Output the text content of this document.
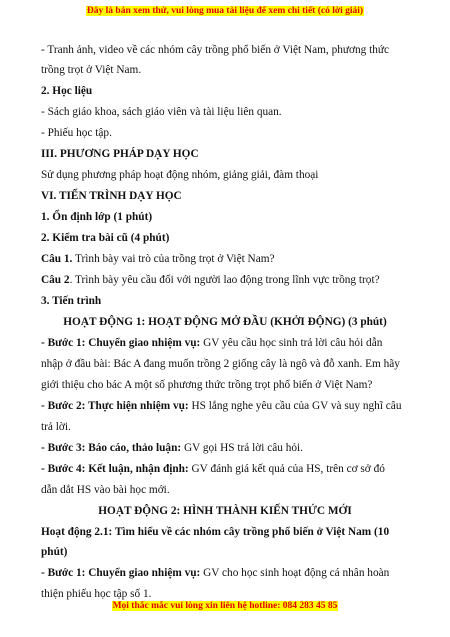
Đây là bản xem thử, vui lòng mua tài liệu để xem chi tiết (có lời giải)
- Tranh ảnh, video về các nhóm cây trồng phổ biến ở Việt Nam, phương thức
trồng trọt ở Việt Nam.
2. Học liệu
- Sách giáo khoa, sách giáo viên và tài liệu liên quan.
- Phiếu học tập.
III. PHƯƠNG PHÁP DẠY HỌC
Sử dụng phương pháp hoạt động nhóm, giảng giải, đàm thoại
VI. TIẾN TRÌNH DẠY HỌC
1. Ổn định lớp (1 phút)
2. Kiểm tra bài cũ (4 phút)
Câu 1. Trình bày vai trò của trồng trọt ở Việt Nam?
Câu 2. Trình bày yêu cầu đối với người lao động trong lĩnh vực trồng trọt?
3. Tiến trình
HOẠT ĐỘNG 1: HOẠT ĐỘNG MỞ ĐẦU (KHỞI ĐỘNG) (3 phút)
- Bước 1: Chuyển giao nhiệm vụ: GV yêu cầu học sinh trả lời câu hỏi dẫn
nhập ở đầu bài: Bác A đang muốn trồng 2 giống cây là ngô và đỗ xanh. Em hãy
giới thiệu cho bác A một số phương thức trồng trọt phổ biến ở Việt Nam?
- Bước 2: Thực hiện nhiệm vụ: HS lắng nghe yêu cầu của GV và suy nghĩ câu
trả lời.
- Bước 3: Báo cáo, thảo luận: GV gọi HS trả lời câu hỏi.
- Bước 4: Kết luận, nhận định: GV đánh giá kết quả của HS, trên cơ sở đó
dẫn dắt HS vào bài học mới.
HOẠT ĐỘNG 2: HÌNH THÀNH KIẾN THỨC MỚI
Hoạt động 2.1: Tìm hiểu về các nhóm cây trồng phổ biến ở Việt Nam (10
phút)
- Bước 1: Chuyển giao nhiệm vụ: GV cho học sinh hoạt động cá nhân hoàn
thiện phiếu học tập số 1.
Mọi thắc mắc vui lòng xin liên hệ hotline: 084 283 45 85
